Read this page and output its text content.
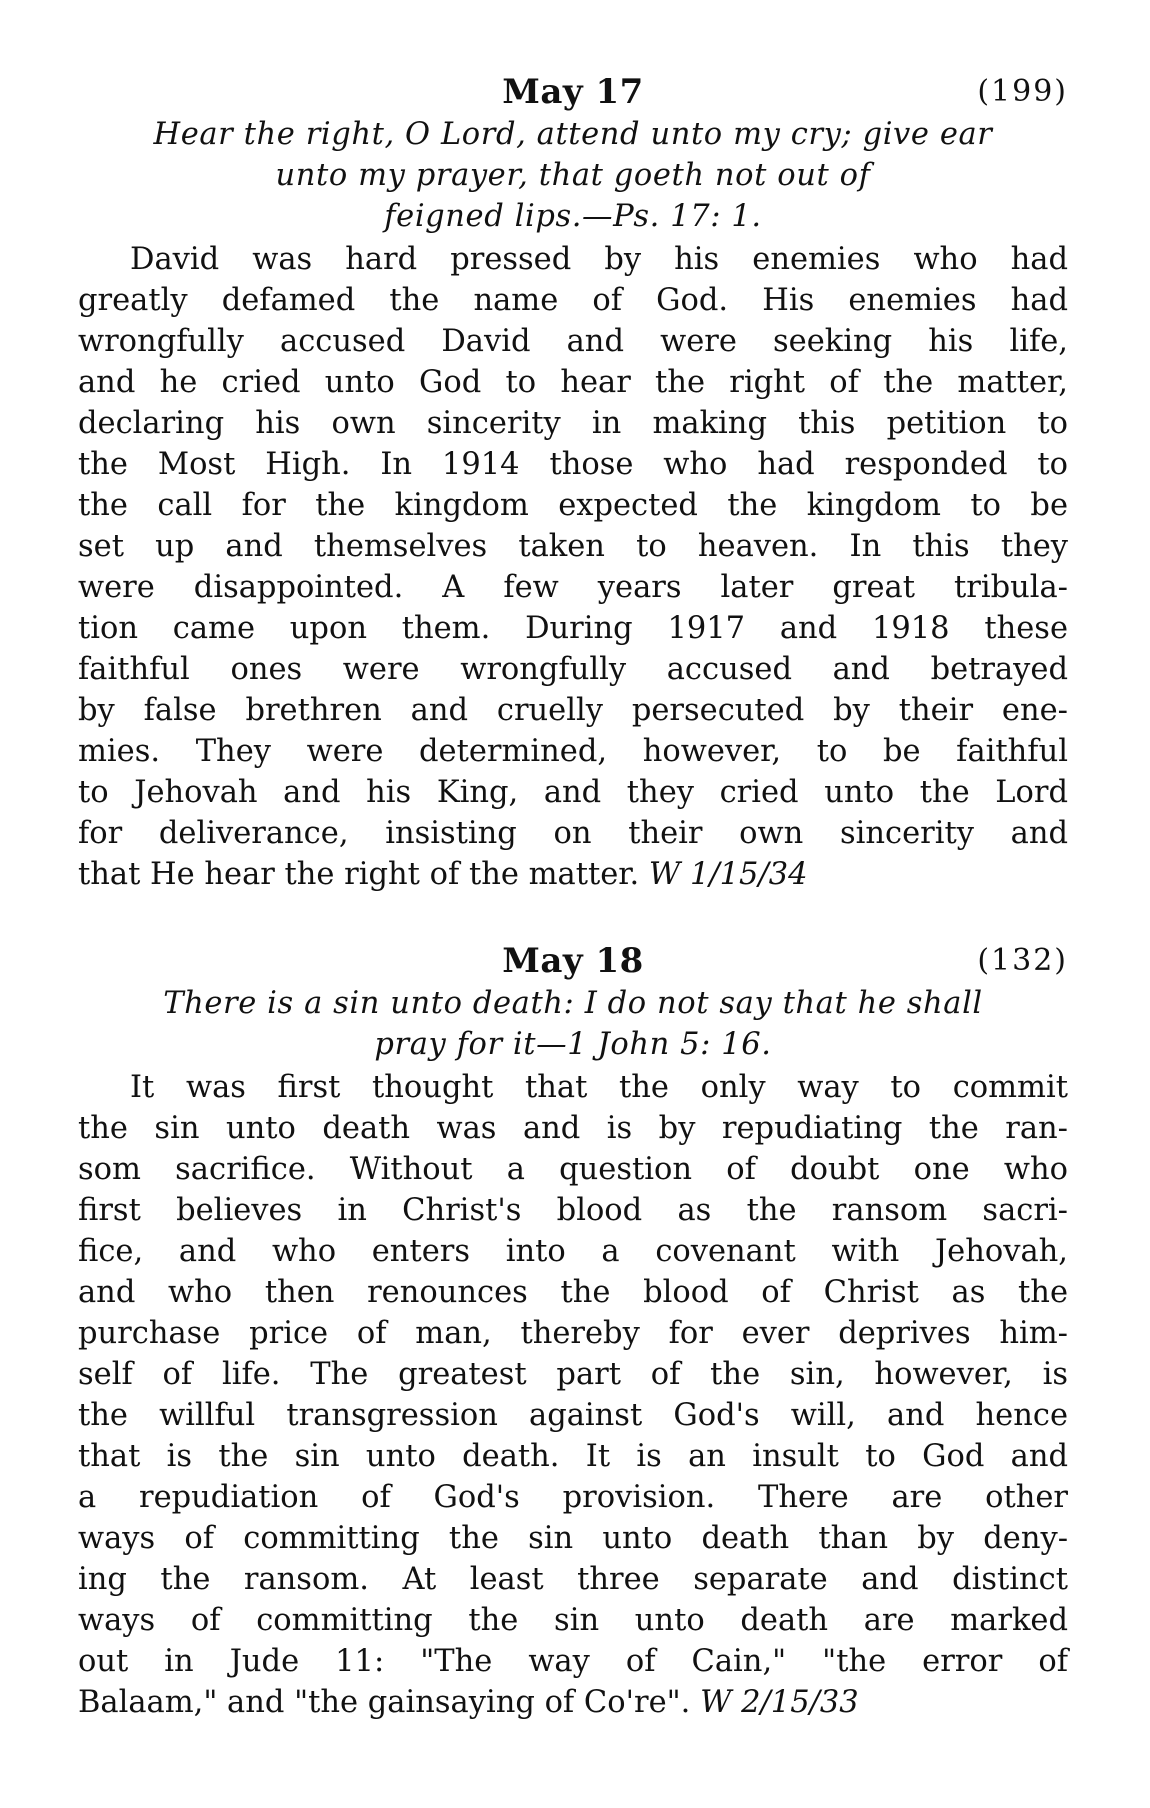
May 17	(199)

Hear the right, O Lord, attend unto my cry; give ear
unto my prayer, that goeth not out of
feigned lips.—Ps. 17: 1.

David was hard pressed by his enemies who had
greatly defamed the name of God. His enemies had
wrongfully accused David and were seeking his life,
and he cried unto God to hear the right of the matter,
declaring his own sincerity in making this petition to
the Most High. In 1914 those who had responded to
the call for the kingdom expected the kingdom to be
set up and themselves taken to heaven. In this they
were disappointed. A few years later great tribula-
tion came upon them. During 1917 and 1918 these
faithful ones were wrongfully accused and betrayed
by false brethren and cruelly persecuted by their ene-
mies. They were determined, however, to be faithful
to Jehovah and his King, and they cried unto the Lord
for deliverance, insisting on their own sincerity and
that He hear the right of the matter. W 1/15/34
May 18	(132)

There is a sin unto death: I do not say that he shall
pray for it—1 John 5: 16.

It was first thought that the only way to commit
the sin unto death was and is by repudiating the ran-
som sacrifice. Without a question of doubt one who
first believes in Christ's blood as the ransom sacri-
fice, and who enters into a covenant with Jehovah,
and who then renounces the blood of Christ as the
purchase price of man, thereby for ever deprives him-
self of life. The greatest part of the sin, however, is
the willful transgression against God's will, and hence
that is the sin unto death. It is an insult to God and
a repudiation of God's provision. There are other
ways of committing the sin unto death than by deny-
ing the ransom. At least three separate and distinct
ways of committing the sin unto death are marked
out in Jude 11: "The way of Cain," "the error of
Balaam," and "the gainsaying of Co're". W 2/15/33
